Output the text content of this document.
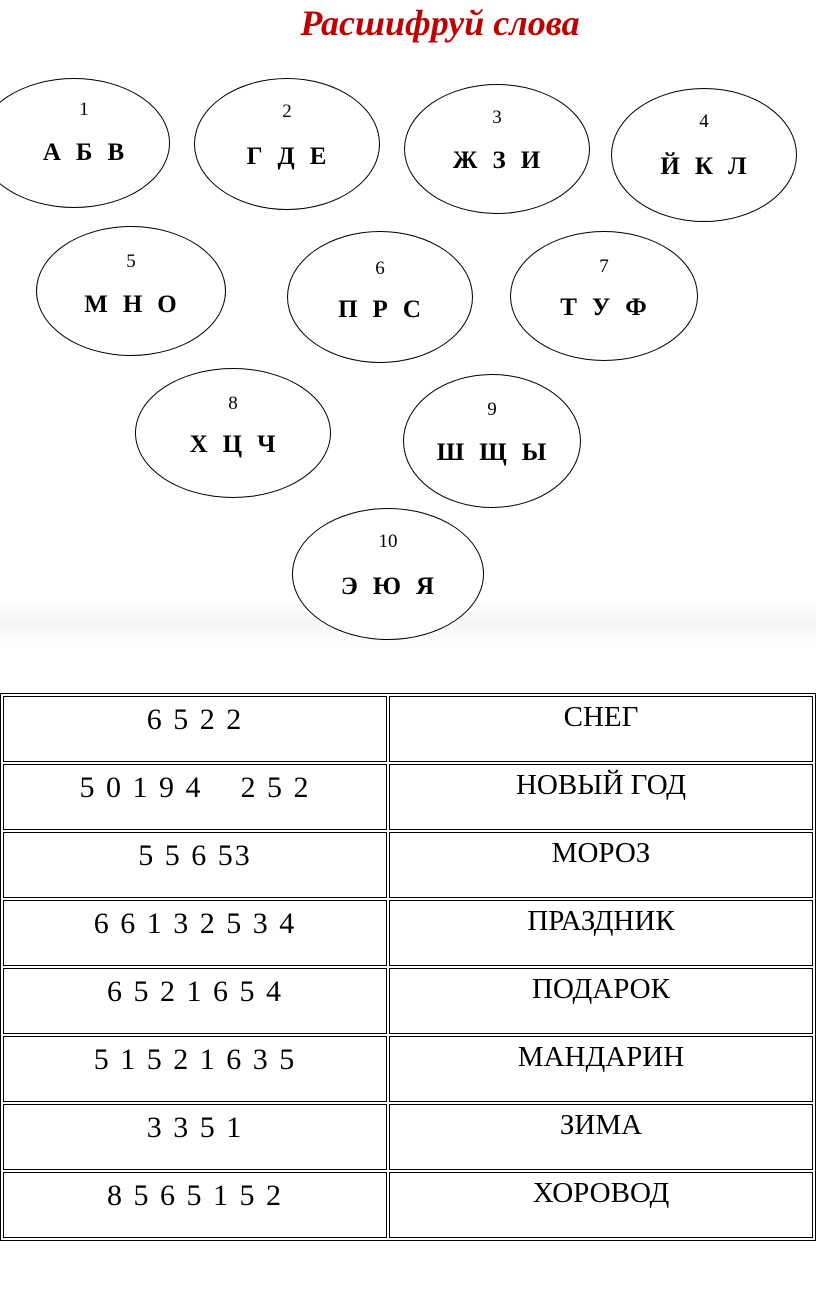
Расшифруй слова
1
А Б В
2
Г Д Е
3
Ж З И
4
Й К Л
5
М Н О
6
П Р С
7
Т У Ф
8
Х Ц Ч
9
Ш Щ Ы
10
Э Ю Я
6 5 2 2	СНЕГ
5 0 1 9 4    2 5 2	НОВЫЙ ГОД
5 5 6 53	МОРОЗ
6 6 1 3 2 5 3 4	ПРАЗДНИК
6 5 2 1 6 5 4	ПОДАРОК
5 1 5 2 1 6 3 5	МАНДАРИН
3 3 5 1	ЗИМА
8 5 6 5 1 5 2	ХОРОВОД
